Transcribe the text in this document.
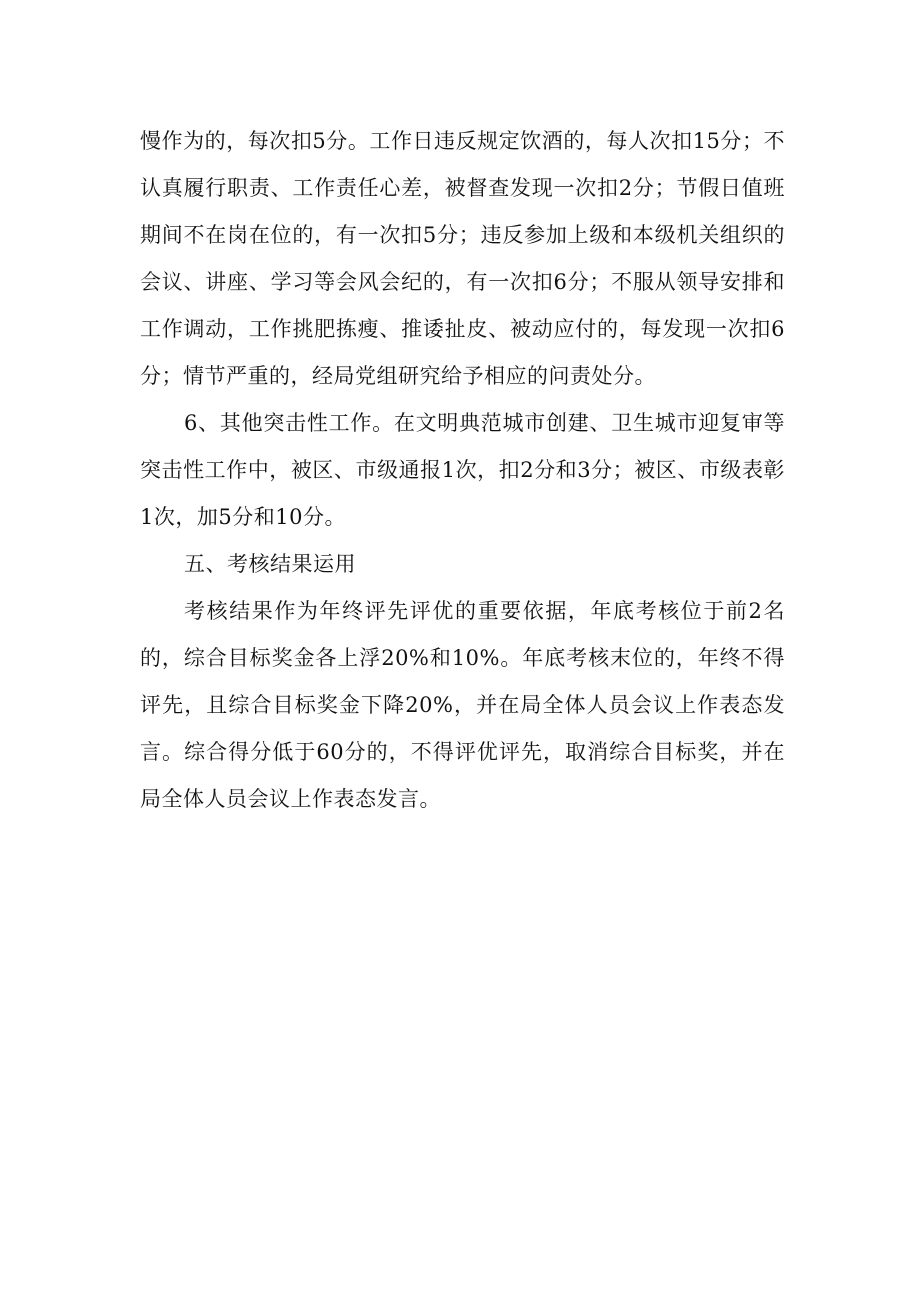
慢作为的，每次扣5分。工作日违反规定饮酒的，每人次扣15分；不认真履行职责、工作责任心差，被督查发现一次扣2分；节假日值班期间不在岗在位的，有一次扣5分；违反参加上级和本级机关组织的会议、讲座、学习等会风会纪的，有一次扣6分；不服从领导安排和工作调动，工作挑肥拣瘦、推诿扯皮、被动应付的，每发现一次扣6分；情节严重的，经局党组研究给予相应的问责处分。

6、其他突击性工作。在文明典范城市创建、卫生城市迎复审等突击性工作中，被区、市级通报1次，扣2分和3分；被区、市级表彰1次，加5分和10分。

五、考核结果运用

考核结果作为年终评先评优的重要依据，年底考核位于前2名的，综合目标奖金各上浮20%和10%。年底考核末位的，年终不得评先，且综合目标奖金下降20%，并在局全体人员会议上作表态发言。综合得分低于60分的，不得评优评先，取消综合目标奖，并在局全体人员会议上作表态发言。
